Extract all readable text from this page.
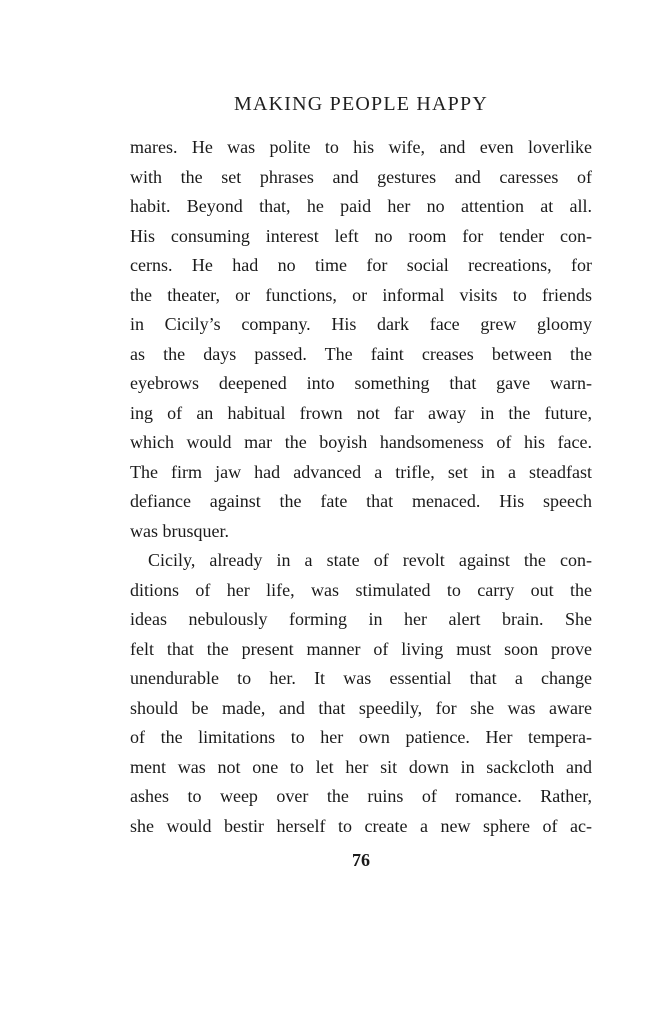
MAKING PEOPLE HAPPY
mares. He was polite to his wife, and even loverlike
with the set phrases and gestures and caresses of
habit. Beyond that, he paid her no attention at all.
His consuming interest left no room for tender con-
cerns. He had no time for social recreations, for
the theater, or functions, or informal visits to friends
in Cicily’s company. His dark face grew gloomy
as the days passed. The faint creases between the
eyebrows deepened into something that gave warn-
ing of an habitual frown not far away in the future,
which would mar the boyish handsomeness of his face.
The firm jaw had advanced a trifle, set in a steadfast
defiance against the fate that menaced. His speech
was brusquer.
Cicily, already in a state of revolt against the con-
ditions of her life, was stimulated to carry out the
ideas nebulously forming in her alert brain. She
felt that the present manner of living must soon prove
unendurable to her. It was essential that a change
should be made, and that speedily, for she was aware
of the limitations to her own patience. Her tempera-
ment was not one to let her sit down in sackcloth and
ashes to weep over the ruins of romance. Rather,
she would bestir herself to create a new sphere of ac-
76
